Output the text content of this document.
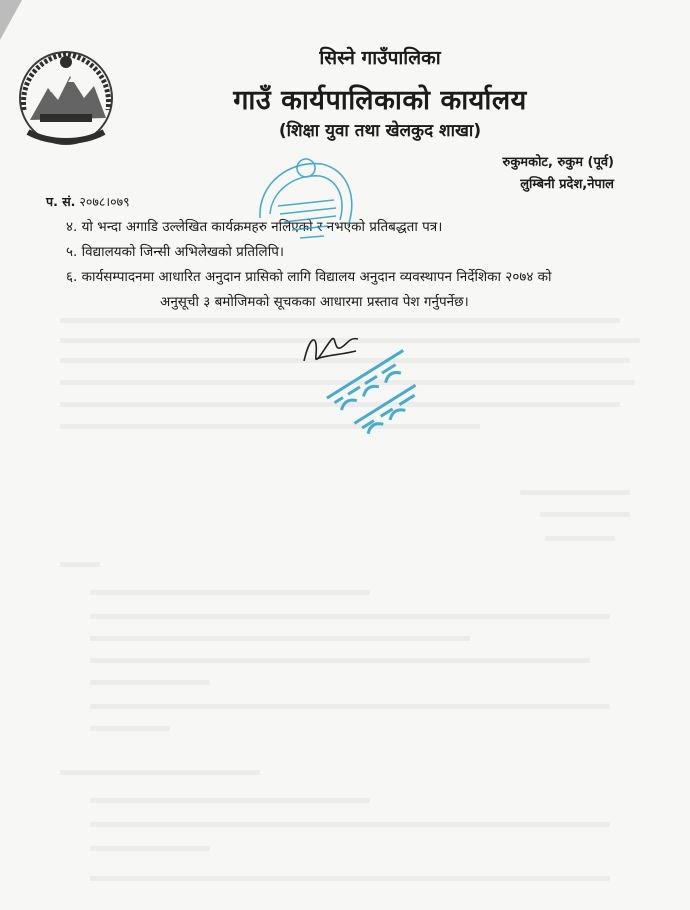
सिस्ने गाउँपालिका
गाउँ कार्यपालिकाको कार्यालय
(शिक्षा युवा तथा खेलकुद शाखा)
रुकुमकोट, रुकुम (पूर्व)
लुम्बिनी प्रदेश,नेपाल
प. सं. २०७८।०७९
४. यो भन्दा अगाडि उल्लेखित कार्यक्रमहरु नलिएको र नभएको प्रतिबद्धता पत्र।
५. विद्यालयको जिन्सी अभिलेखको प्रतिलिपि।
६. कार्यसम्पादनमा आधारित अनुदान प्रासिको लागि विद्यालय अनुदान व्यवस्थापन निर्देशिका २०७४ को
अनुसूची ३ बमोजिमको सूचकका आधारमा प्रस्ताव पेश गर्नुपर्नेछ।
